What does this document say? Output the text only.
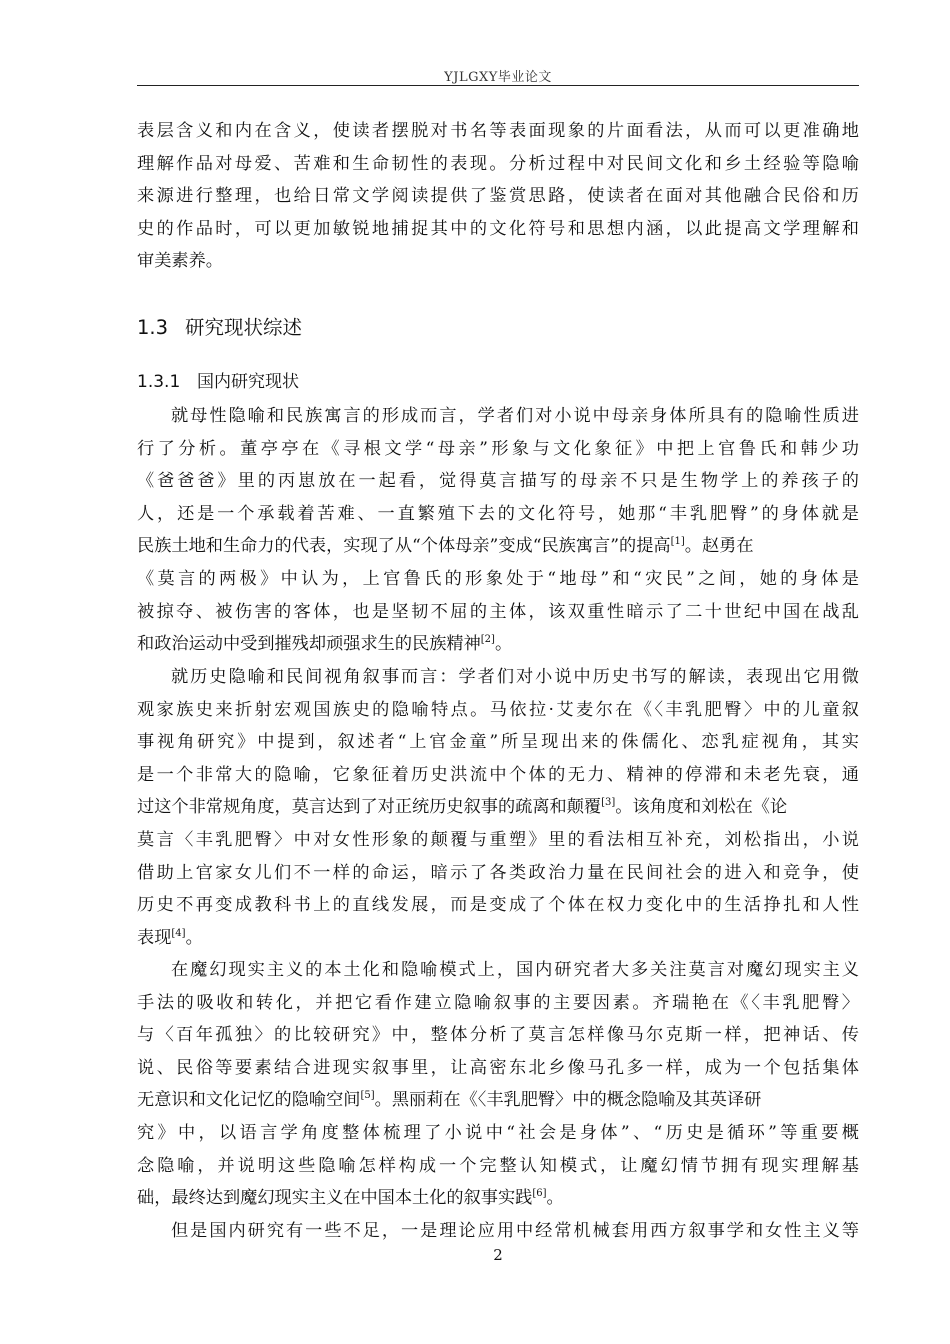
YJLGXY毕业论文
表层含义和内在含义，使读者摆脱对书名等表面现象的片面看法，从而可以更准确地
理解作品对母爱、苦难和生命韧性的表现。分析过程中对民间文化和乡土经验等隐喻
来源进行整理，也给日常文学阅读提供了鉴赏思路，使读者在面对其他融合民俗和历
史的作品时，可以更加敏锐地捕捉其中的文化符号和思想内涵，以此提高文学理解和
审美素养。
1.3 研究现状综述
1.3.1 国内研究现状
就母性隐喻和民族寓言的形成而言，学者们对小说中母亲身体所具有的隐喻性质进
行了分析。董亭亭在《寻根文学“母亲”形象与文化象征》中把上官鲁氏和韩少功
《爸爸爸》里的丙崽放在一起看，觉得莫言描写的母亲不只是生物学上的养孩子的
人，还是一个承载着苦难、一直繁殖下去的文化符号，她那“丰乳肥臀”的身体就是
民族土地和生命力的代表，实现了从“个体母亲”变成“民族寓言”的提高[1]。赵勇在
《莫言的两极》中认为，上官鲁氏的形象处于“地母”和“灾民”之间，她的身体是
被掠夺、被伤害的客体，也是坚韧不屈的主体，该双重性暗示了二十世纪中国在战乱
和政治运动中受到摧残却顽强求生的民族精神[2]。
就历史隐喻和民间视角叙事而言：学者们对小说中历史书写的解读，表现出它用微
观家族史来折射宏观国族史的隐喻特点。马依拉·艾麦尔在《〈丰乳肥臀〉中的儿童叙
事视角研究》中提到，叙述者“上官金童”所呈现出来的侏儒化、恋乳症视角，其实
是一个非常大的隐喻，它象征着历史洪流中个体的无力、精神的停滞和未老先衰，通
过这个非常规角度，莫言达到了对正统历史叙事的疏离和颠覆[3]。该角度和刘松在《论
莫言〈丰乳肥臀〉中对女性形象的颠覆与重塑》里的看法相互补充，刘松指出，小说
借助上官家女儿们不一样的命运，暗示了各类政治力量在民间社会的进入和竞争，使
历史不再变成教科书上的直线发展，而是变成了个体在权力变化中的生活挣扎和人性
表现[4]。
在魔幻现实主义的本土化和隐喻模式上，国内研究者大多关注莫言对魔幻现实主义
手法的吸收和转化，并把它看作建立隐喻叙事的主要因素。齐瑞艳在《〈丰乳肥臀〉
与〈百年孤独〉的比较研究》中，整体分析了莫言怎样像马尔克斯一样，把神话、传
说、民俗等要素结合进现实叙事里，让高密东北乡像马孔多一样，成为一个包括集体
无意识和文化记忆的隐喻空间[5]。黑丽莉在《〈丰乳肥臀〉中的概念隐喻及其英译研
究》中，以语言学角度整体梳理了小说中“社会是身体”、“历史是循环”等重要概
念隐喻，并说明这些隐喻怎样构成一个完整认知模式，让魔幻情节拥有现实理解基
础，最终达到魔幻现实主义在中国本土化的叙事实践[6]。
但是国内研究有一些不足，一是理论应用中经常机械套用西方叙事学和女性主义等
2
